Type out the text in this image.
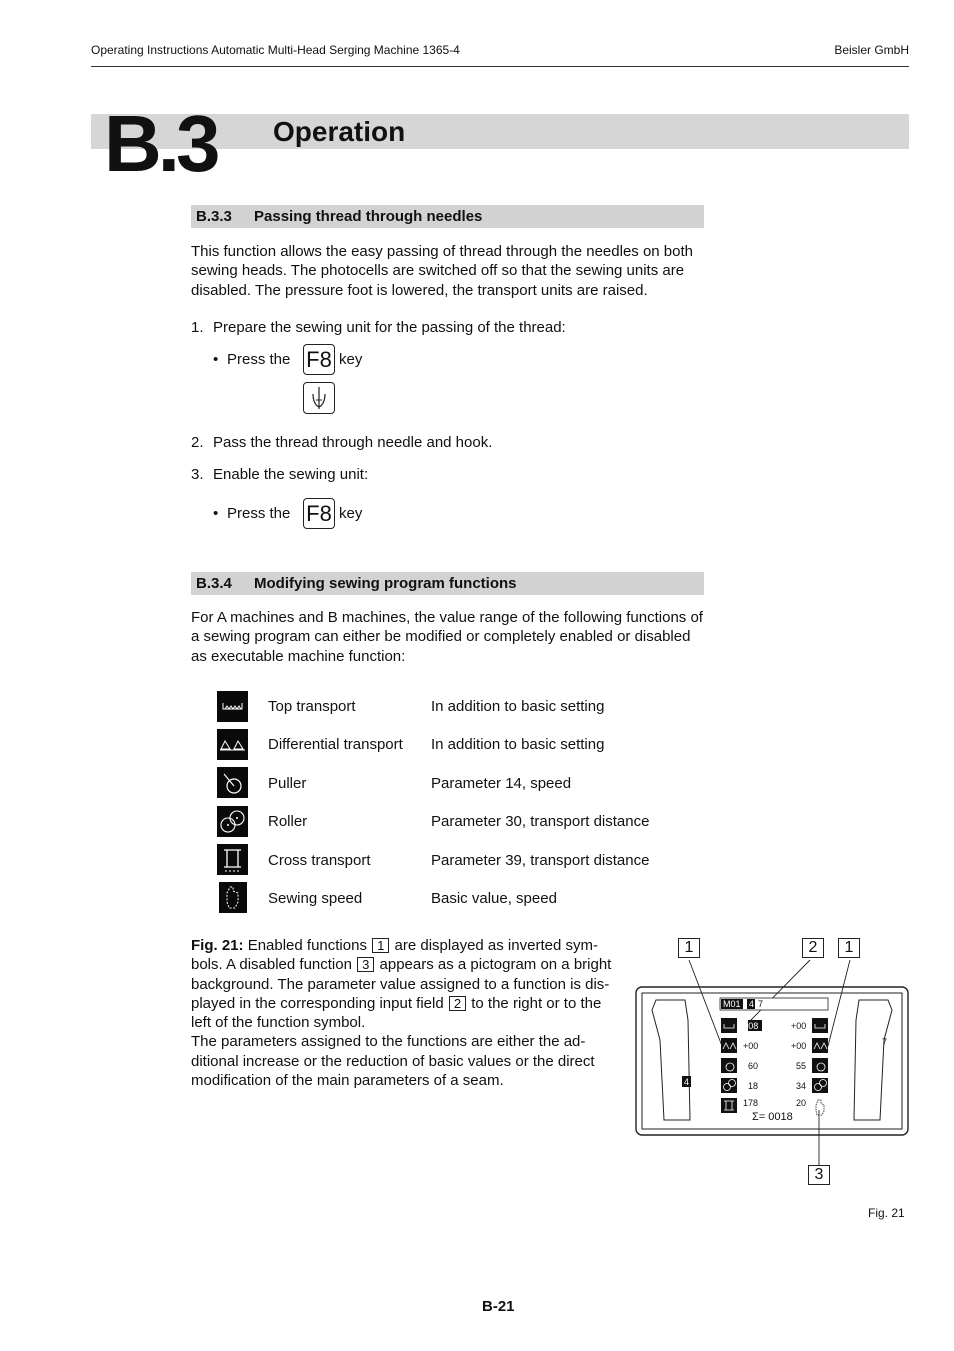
Operating Instructions Automatic Multi-Head Serging Machine 1365-4	Beisler GmbH
B.3 Operation
B.3.3 Passing thread through needles
This function allows the easy passing of thread through the needles on both sewing heads. The photocells are switched off so that the sewing units are disabled. The pressure foot is lowered, the transport units are raised.
1. Prepare the sewing unit for the passing of the thread:
• Press the F8 key
2. Pass the thread through needle and hook.
3. Enable the sewing unit:
• Press the F8 key
B.3.4 Modifying sewing program functions
For A machines and B machines, the value range of the following functions of a sewing program can either be modified or completely enabled or disabled as executable machine function:
Top transport	In addition to basic setting
Differential transport In addition to basic setting
Puller	Parameter 14, speed
Roller	Parameter 30, transport distance
Cross transport	Parameter 39, transport distance
Sewing speed	Basic value, speed
Fig. 21: Enabled functions 1 are displayed as inverted sym-bols. A disabled function 3 appears as a pictogram on a bright background. The parameter value assigned to a function is dis-played in the corresponding input field 2 to the right or to the left of the function symbol.
The parameters assigned to the functions are either the ad-ditional increase or the reduction of basic values or the direct modification of the main parameters of a seam.
1	2	1
3
M01 4 7
+08
+00
60
18
178
+00
+00
55
34
20
4
7
Σ= 0018
Fig. 21
B-21
